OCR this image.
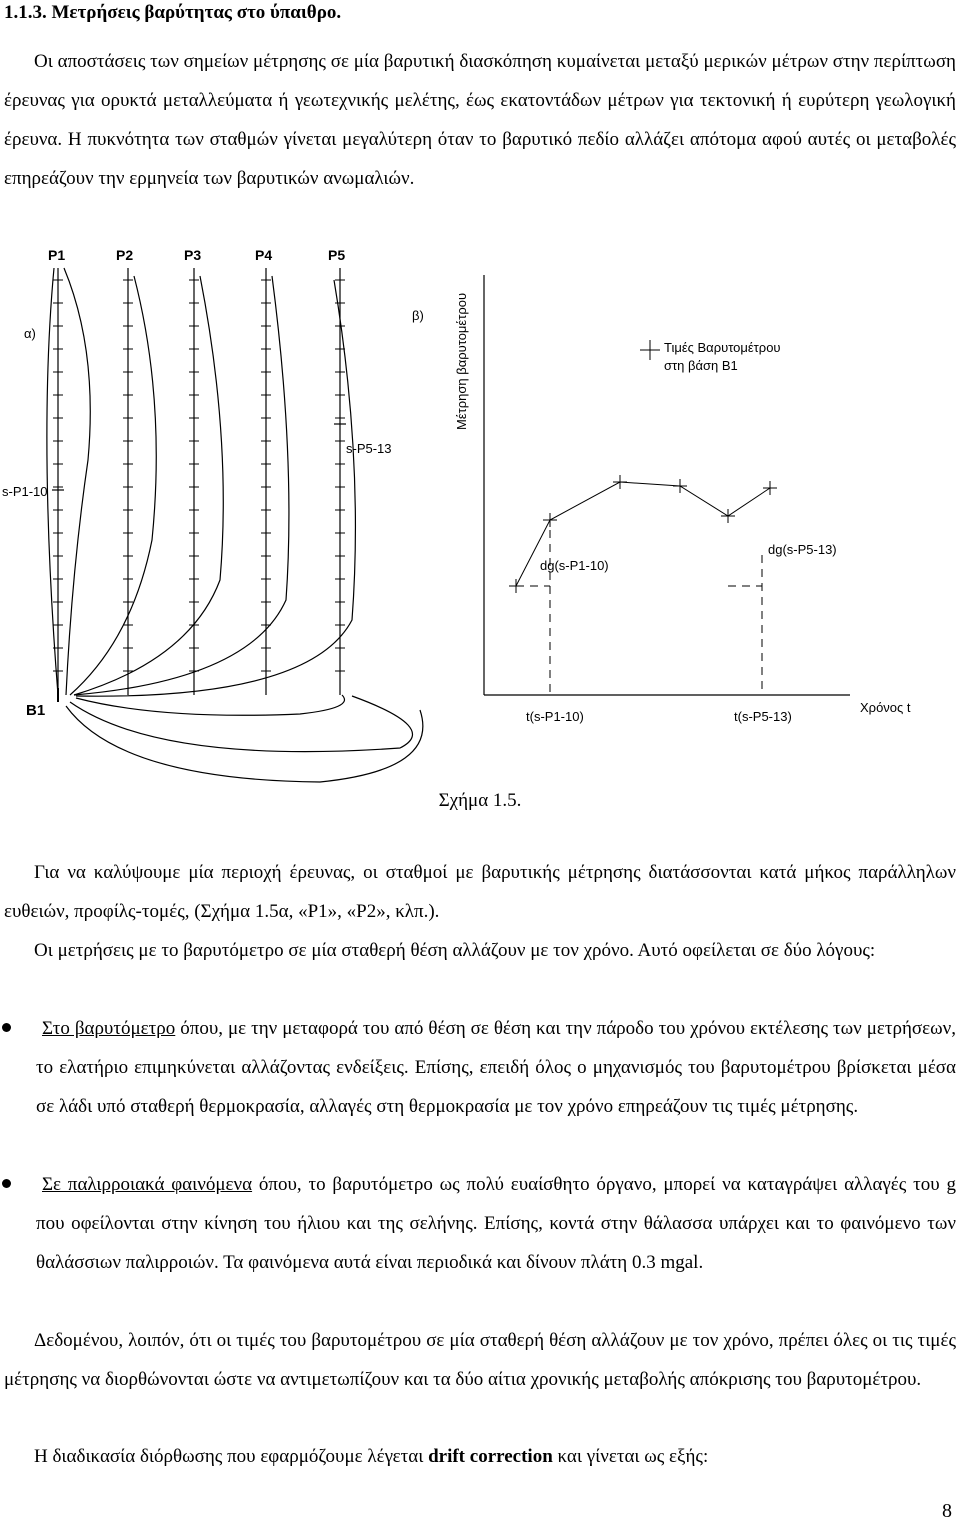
1.1.3. Μετρήσεις βαρύτητας στο ύπαιθρο.
Οι αποστάσεις των σημείων μέτρησης σε μία βαρυτική διασκόπηση κυμαίνεται μεταξύ μερικών μέτρων στην περίπτωση έρευνας για ορυκτά μεταλλεύματα ή γεωτεχνικής μελέτης, έως εκατοντάδων μέτρων για τεκτονική ή ευρύτερη γεωλογική έρευνα. Η πυκνότητα των σταθμών γίνεται μεγαλύτερη όταν το βαρυτικό πεδίο αλλάζει απότομα αφού αυτές οι μεταβολές επηρεάζουν την ερμηνεία των βαρυτικών ανωμαλιών.
P1	P2	P3	P4	P5
α)
β)
s-P1-10
s-P5-13
B1
Μέτρηση βαρυτομέτρου	Τιμές Βαρυτομέτρου
στη βάση B1
dg(s-P1-10)
dg(s-P5-13)
t(s-P1-10)	t(s-P5-13)
Χρόνος t
Σχήμα 1.5.
Για να καλύψουμε μία περιοχή έρευνας, οι σταθμοί με βαρυτικής μέτρησης διατάσσονται κατά μήκος παράλληλων ευθειών, προφίλς-τομές, (Σχήμα 1.5α, «P1», «P2», κλπ.).
Οι μετρήσεις με το βαρυτόμετρο σε μία σταθερή θέση αλλάζουν με τον χρόνο. Αυτό οφείλεται σε δύο λόγους:
Στο βαρυτόμετρο όπου, με την μεταφορά του από θέση σε θέση και την πάροδο του χρόνου εκτέλεσης των μετρήσεων, το ελατήριο επιμηκύνεται αλλάζοντας ενδείξεις. Επίσης, επειδή όλος ο μηχανισμός του βαρυτομέτρου βρίσκεται μέσα σε λάδι υπό σταθερή θερμοκρασία, αλλαγές στη θερμοκρασία με τον χρόνο επηρεάζουν τις τιμές μέτρησης.
Σε παλιρροιακά φαινόμενα όπου, το βαρυτόμετρο ως πολύ ευαίσθητο όργανο, μπορεί να καταγράψει αλλαγές του g που οφείλονται στην κίνηση του ήλιου και της σελήνης. Επίσης, κοντά στην θάλασσα υπάρχει και το φαινόμενο των θαλάσσιων παλιρροιών. Τα φαινόμενα αυτά είναι περιοδικά και δίνουν πλάτη 0.3 mgal.
Δεδομένου, λοιπόν, ότι οι τιμές του βαρυτομέτρου σε μία σταθερή θέση αλλάζουν με τον χρόνο, πρέπει όλες οι τις τιμές μέτρησης να διορθώνονται ώστε να αντιμετωπίζουν και τα δύο αίτια χρονικής μεταβολής απόκρισης του βαρυτομέτρου.
Η διαδικασία διόρθωσης που εφαρμόζουμε λέγεται drift correction και γίνεται ως εξής:
8
